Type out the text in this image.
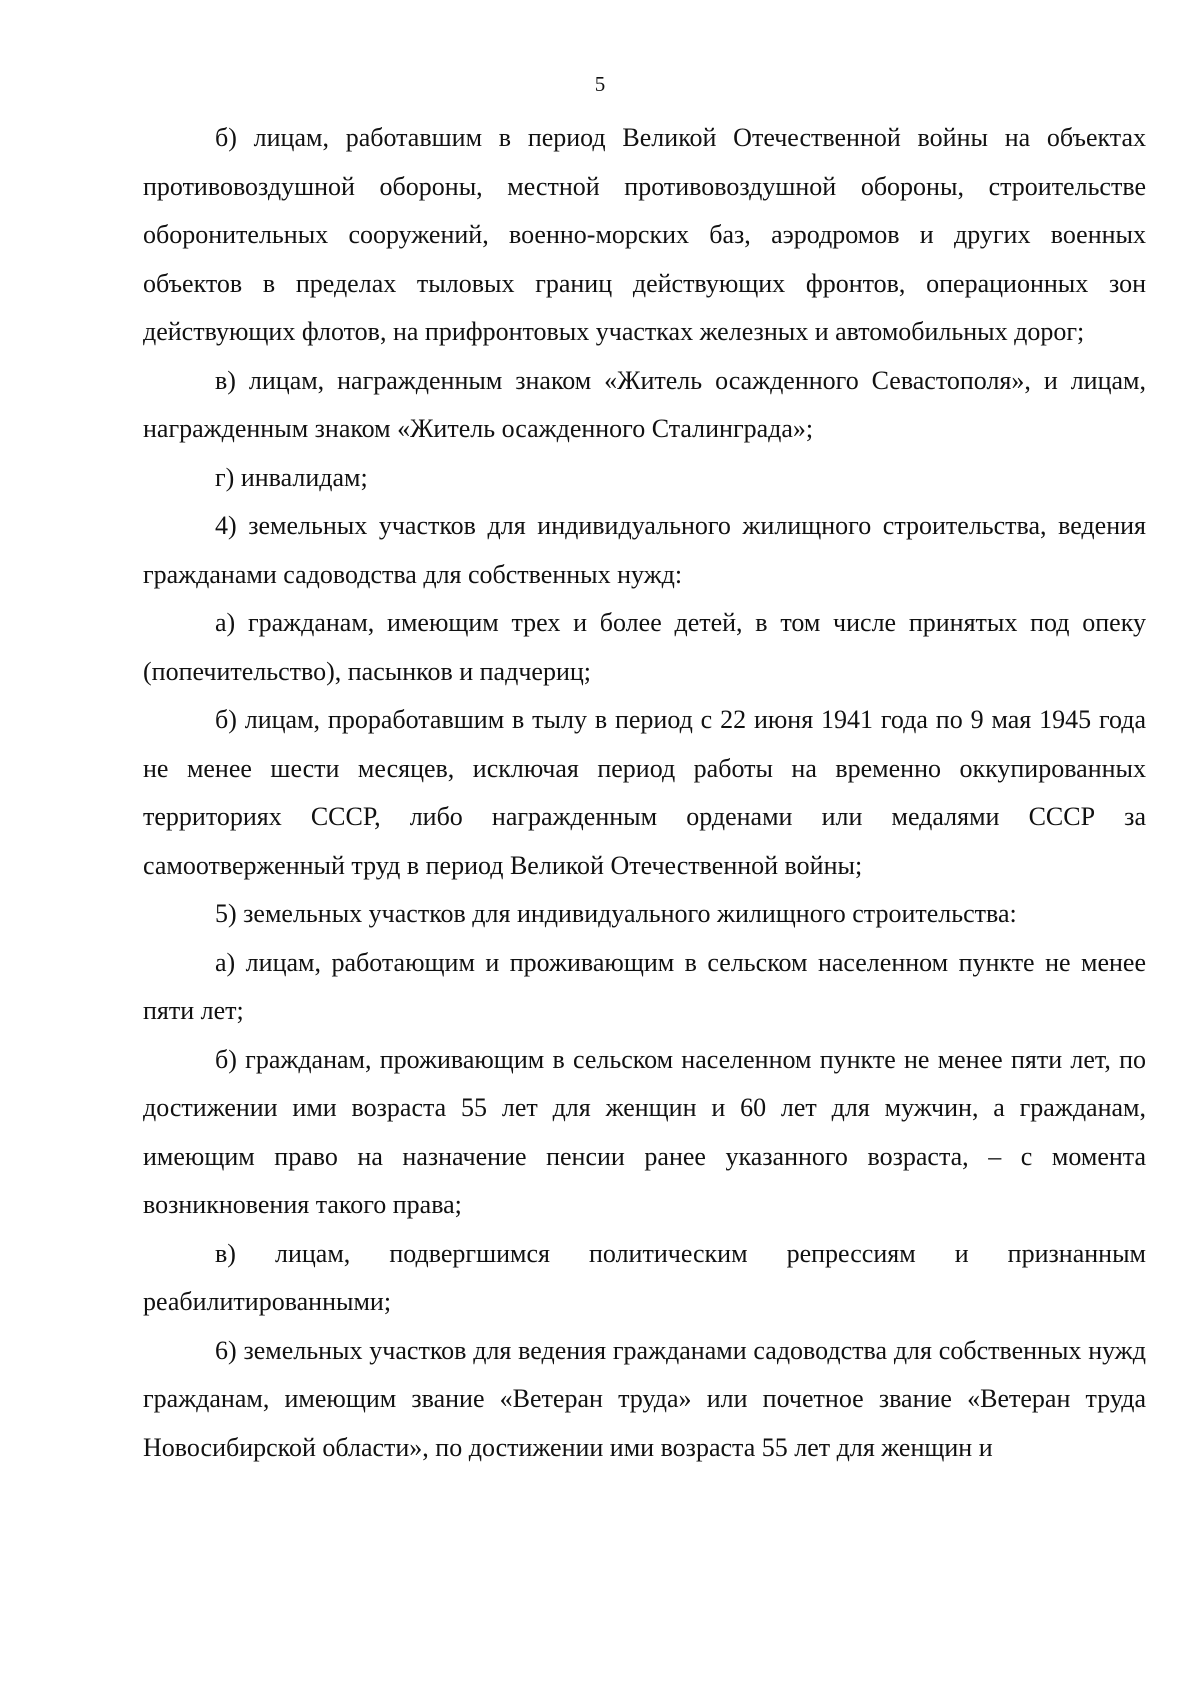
5

б) лицам, работавшим в период Великой Отечественной войны на объектах противовоздушной обороны, местной противовоздушной обороны, строительстве оборонительных сооружений, военно-морских баз, аэродромов и других военных объектов в пределах тыловых границ действующих фронтов, операционных зон действующих флотов, на прифронтовых участках железных и автомобильных дорог;

в) лицам, награжденным знаком «Житель осажденного Севастополя», и лицам, награжденным знаком «Житель осажденного Сталинграда»;

г) инвалидам;

4) земельных участков для индивидуального жилищного строительства, ведения гражданами садоводства для собственных нужд:

а) гражданам, имеющим трех и более детей, в том числе принятых под опеку (попечительство), пасынков и падчериц;

б) лицам, проработавшим в тылу в период с 22 июня 1941 года по 9 мая 1945 года не менее шести месяцев, исключая период работы на временно оккупированных территориях СССР, либо награжденным орденами или медалями СССР за самоотверженный труд в период Великой Отечественной войны;

5) земельных участков для индивидуального жилищного строительства:

а) лицам, работающим и проживающим в сельском населенном пункте не менее пяти лет;

б) гражданам, проживающим в сельском населенном пункте не менее пяти лет, по достижении ими возраста 55 лет для женщин и 60 лет для мужчин, а гражданам, имеющим право на назначение пенсии ранее указанного возраста, – с момента возникновения такого права;

в) лицам, подвергшимся политическим репрессиям и признанным реабилитированными;

6) земельных участков для ведения гражданами садоводства для собственных нужд гражданам, имеющим звание «Ветеран труда» или почетное звание «Ветеран труда Новосибирской области», по достижении ими возраста 55 лет для женщин и
